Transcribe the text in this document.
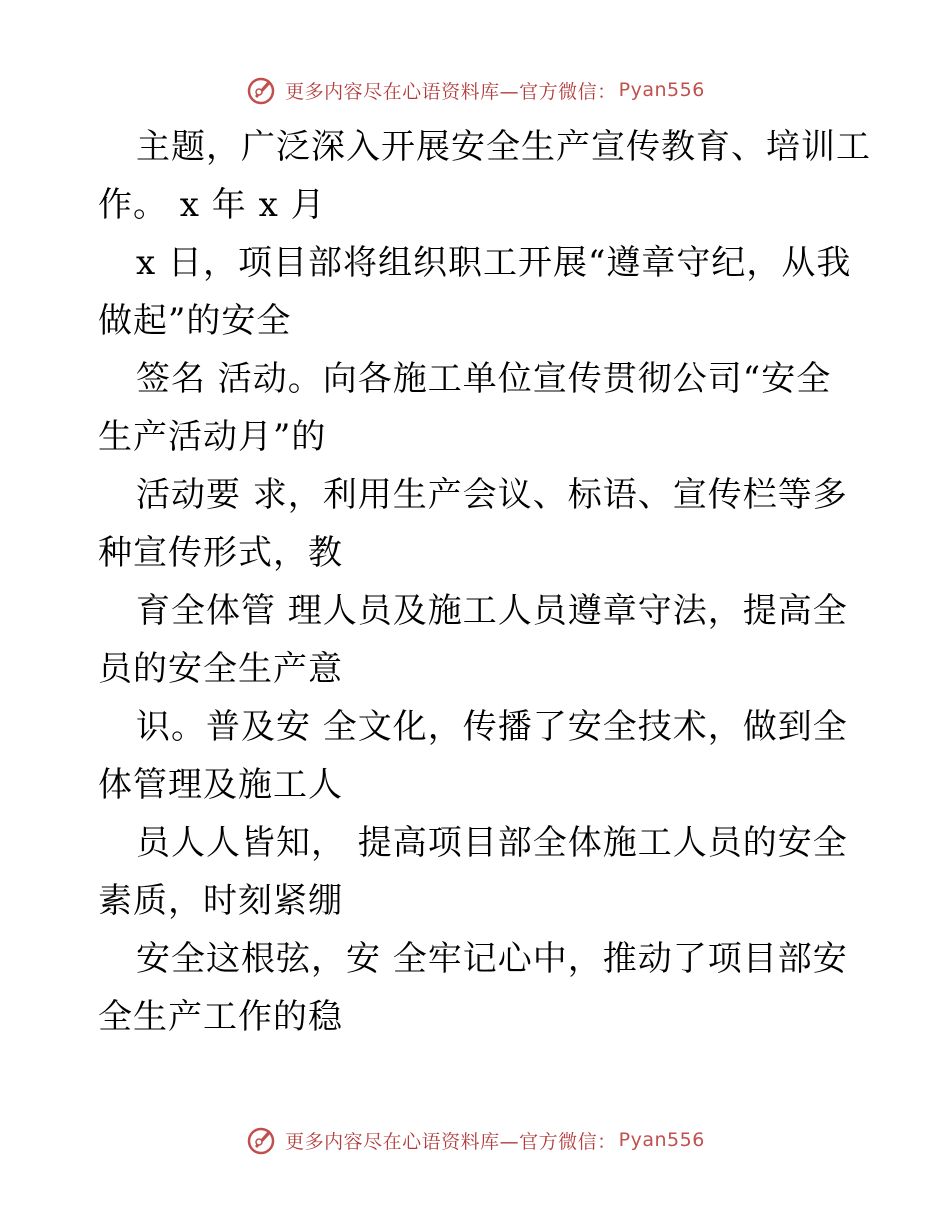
更多内容尽在心语资料库—官方微信： Pyan556
主题，广泛深入开展安全生产宣传教育、培训工
作。 x 年 x 月
x 日，项目部将组织职工开展“遵章守纪，从我
做起”的安全
签名 活动。向各施工单位宣传贯彻公司“安全
生产活动月”的
活动要 求，利用生产会议、标语、宣传栏等多
种宣传形式，教
育全体管 理人员及施工人员遵章守法，提高全
员的安全生产意
识。普及安 全文化，传播了安全技术，做到全
体管理及施工人
员人人皆知， 提高项目部全体施工人员的安全
素质，时刻紧绷
安全这根弦，安 全牢记心中，推动了项目部安
全生产工作的稳
更多内容尽在心语资料库—官方微信： Pyan556
